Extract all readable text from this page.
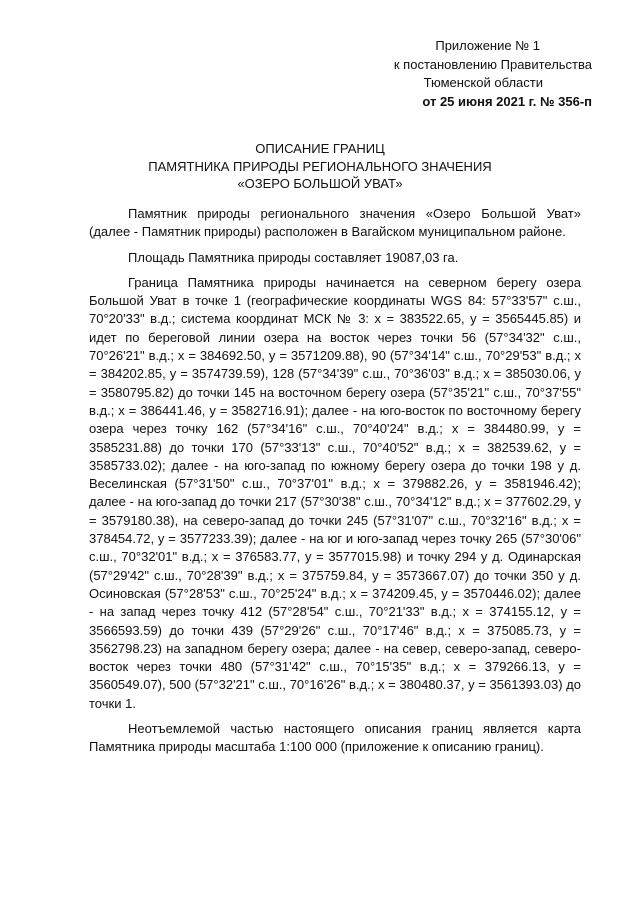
Приложение № 1
к постановлению Правительства
Тюменской области
от 25 июня 2021 г. № 356-п
ОПИСАНИЕ ГРАНИЦ
ПАМЯТНИКА ПРИРОДЫ РЕГИОНАЛЬНОГО ЗНАЧЕНИЯ
«ОЗЕРО БОЛЬШОЙ УВАТ»

Памятник природы регионального значения «Озеро Большой Уват» (далее - Памятник природы) расположен в Вагайском муниципальном районе.

Площадь Памятника природы составляет 19087,03 га.

Граница Памятника природы начинается на северном берегу озера Большой Уват в точке 1 (географические координаты WGS 84: 57°33'57" с.ш., 70°20'33" в.д.; система координат МСК № 3: x = 383522.65, y = 3565445.85) и идет по береговой линии озера на восток через точки 56 (57°34'32" с.ш., 70°26'21" в.д.; x = 384692.50, y = 3571209.88), 90 (57°34'14" с.ш., 70°29'53" в.д.; x = 384202.85, y = 3574739.59), 128 (57°34'39" с.ш., 70°36'03" в.д.; x = 385030.06, y = 3580795.82) до точки 145 на восточном берегу озера (57°35'21" с.ш., 70°37'55" в.д.; x = 386441.46, y = 3582716.91); далее - на юго-восток по восточному берегу озера через точку 162 (57°34'16" с.ш., 70°40'24" в.д.; x = 384480.99, y = 3585231.88) до точки 170 (57°33'13" с.ш., 70°40'52" в.д.; x = 382539.62, y = 3585733.02); далее - на юго-запад по южному берегу озера до точки 198 у д. Веселинская (57°31'50" с.ш., 70°37'01" в.д.; x = 379882.26, y = 3581946.42); далее - на юго-запад до точки 217 (57°30'38" с.ш., 70°34'12" в.д.; x = 377602.29, y = 3579180.38), на северо-запад до точки 245 (57°31'07" с.ш., 70°32'16" в.д.; x = 378454.72, y = 3577233.39); далее - на юг и юго-запад через точку 265 (57°30'06" с.ш., 70°32'01" в.д.; x = 376583.77, y = 3577015.98) и точку 294 у д. Одинарская (57°29'42" с.ш., 70°28'39" в.д.; x = 375759.84, y = 3573667.07) до точки 350 у д. Осиновская (57°28'53" с.ш., 70°25'24" в.д.; x = 374209.45, y = 3570446.02); далее - на запад через точку 412 (57°28'54" с.ш., 70°21'33" в.д.; x = 374155.12, y = 3566593.59) до точки 439 (57°29'26" с.ш., 70°17'46" в.д.; x = 375085.73, y = 3562798.23) на западном берегу озера; далее - на север, северо-запад, северо-восток через точки 480 (57°31'42" с.ш., 70°15'35" в.д.; x = 379266.13, y = 3560549.07), 500 (57°32'21" с.ш., 70°16'26" в.д.; x = 380480.37, y = 3561393.03) до точки 1.

Неотъемлемой частью настоящего описания границ является карта Памятника природы масштаба 1:100 000 (приложение к описанию границ).
